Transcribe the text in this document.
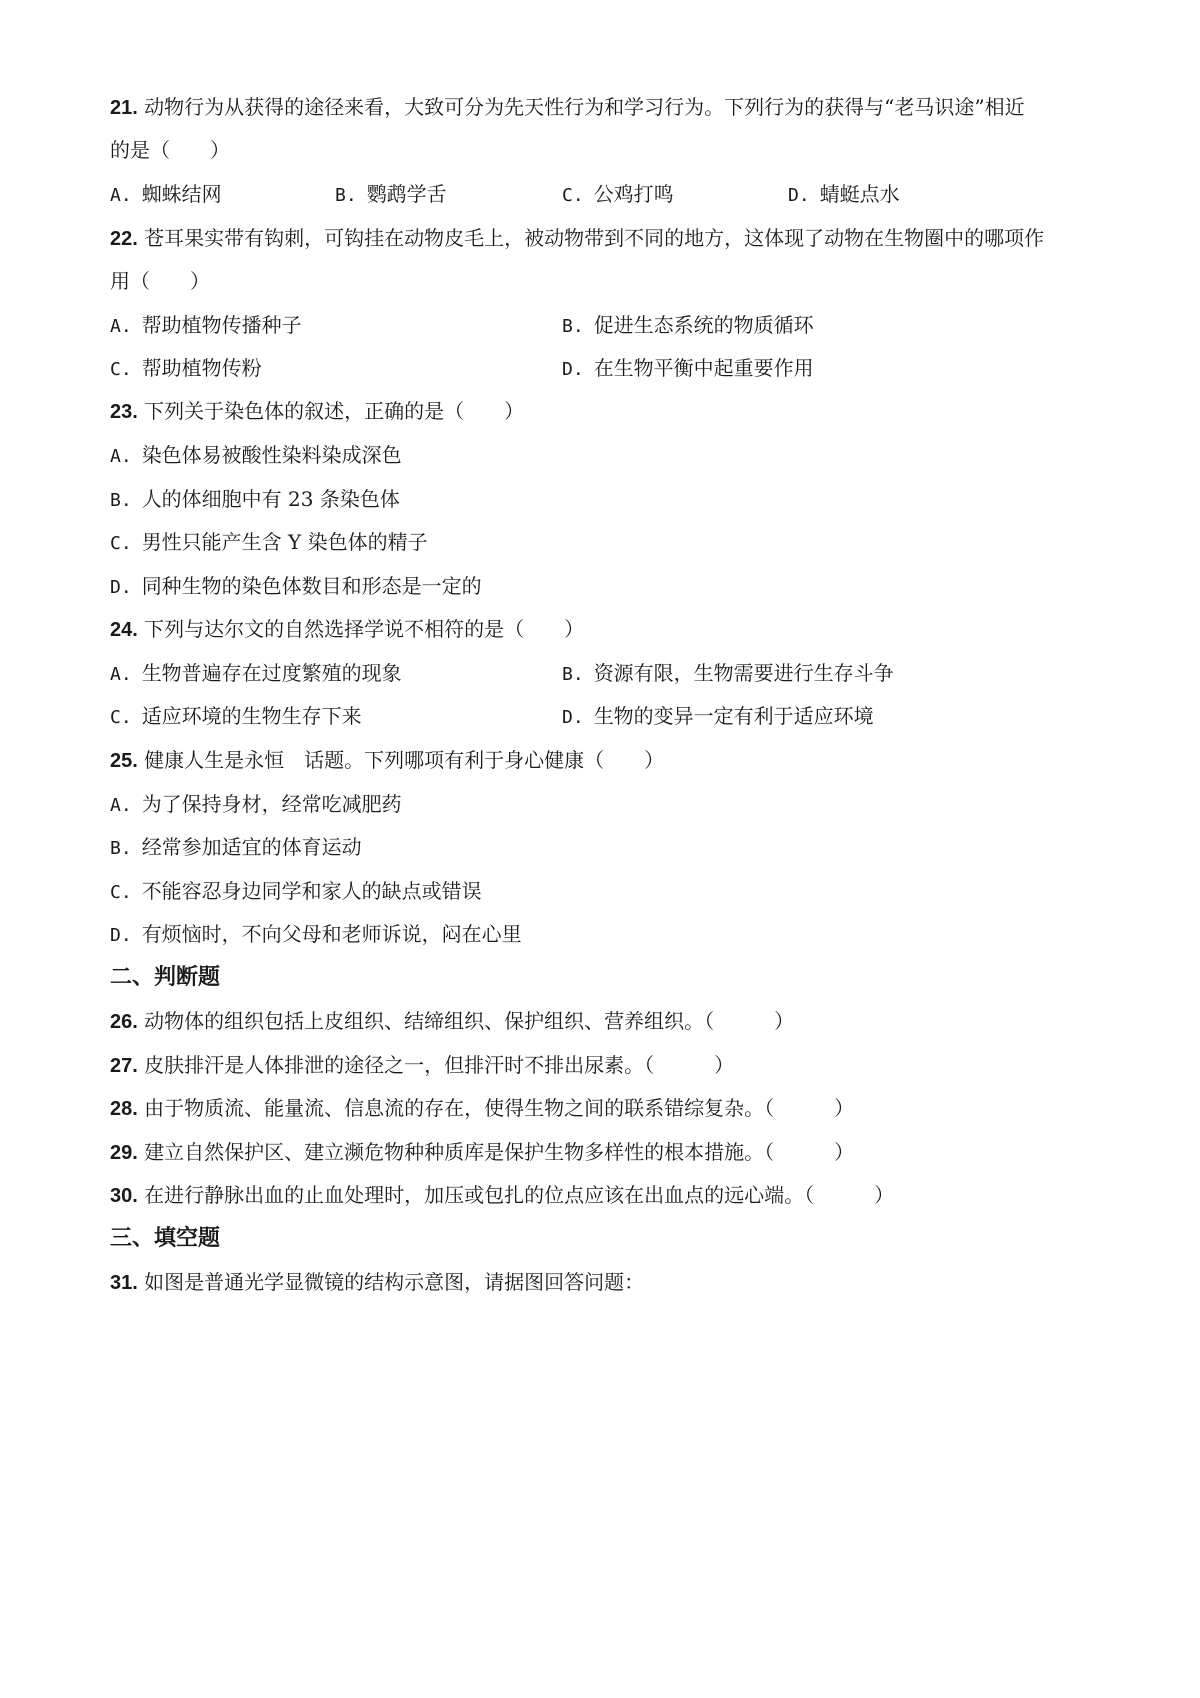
21. 动物行为从获得的途径来看，大致可分为先天性行为和学习行为。下列行为的获得与“老马识途”相近
的是（　　）
A. 蜘蛛结网	B. 鹦鹉学舌	C. 公鸡打鸣	D. 蜻蜓点水
22. 苍耳果实带有钩刺，可钩挂在动物皮毛上，被动物带到不同的地方，这体现了动物在生物圈中的哪项作
用（　　）
A. 帮助植物传播种子	B. 促进生态系统的物质循环
C. 帮助植物传粉	D. 在生物平衡中起重要作用
23. 下列关于染色体的叙述，正确的是（　　）
A. 染色体易被酸性染料染成深色
B. 人的体细胞中有 23 条染色体
C. 男性只能产生含 Y 染色体的精子
D. 同种生物的染色体数目和形态是一定的
24. 下列与达尔文的自然选择学说不相符的是（　　）
A. 生物普遍存在过度繁殖的现象	B. 资源有限，生物需要进行生存斗争
C. 适应环境的生物生存下来	D. 生物的变异一定有利于适应环境
25. 健康人生是永恒　话题。下列哪项有利于身心健康（　　）
A. 为了保持身材，经常吃减肥药
B. 经常参加适宜的体育运动
C. 不能容忍身边同学和家人的缺点或错误
D. 有烦恼时，不向父母和老师诉说，闷在心里
二、判断题
26. 动物体的组织包括上皮组织、结缔组织、保护组织、营养组织。（　　　）
27. 皮肤排汗是人体排泄的途径之一，但排汗时不排出尿素。（　　　）
28. 由于物质流、能量流、信息流的存在，使得生物之间的联系错综复杂。（　　　）
29. 建立自然保护区、建立濒危物种种质库是保护生物多样性的根本措施。（　　　）
30. 在进行静脉出血的止血处理时，加压或包扎的位点应该在出血点的远心端。（　　　）
三、填空题
31. 如图是普通光学显微镜的结构示意图，请据图回答问题：
